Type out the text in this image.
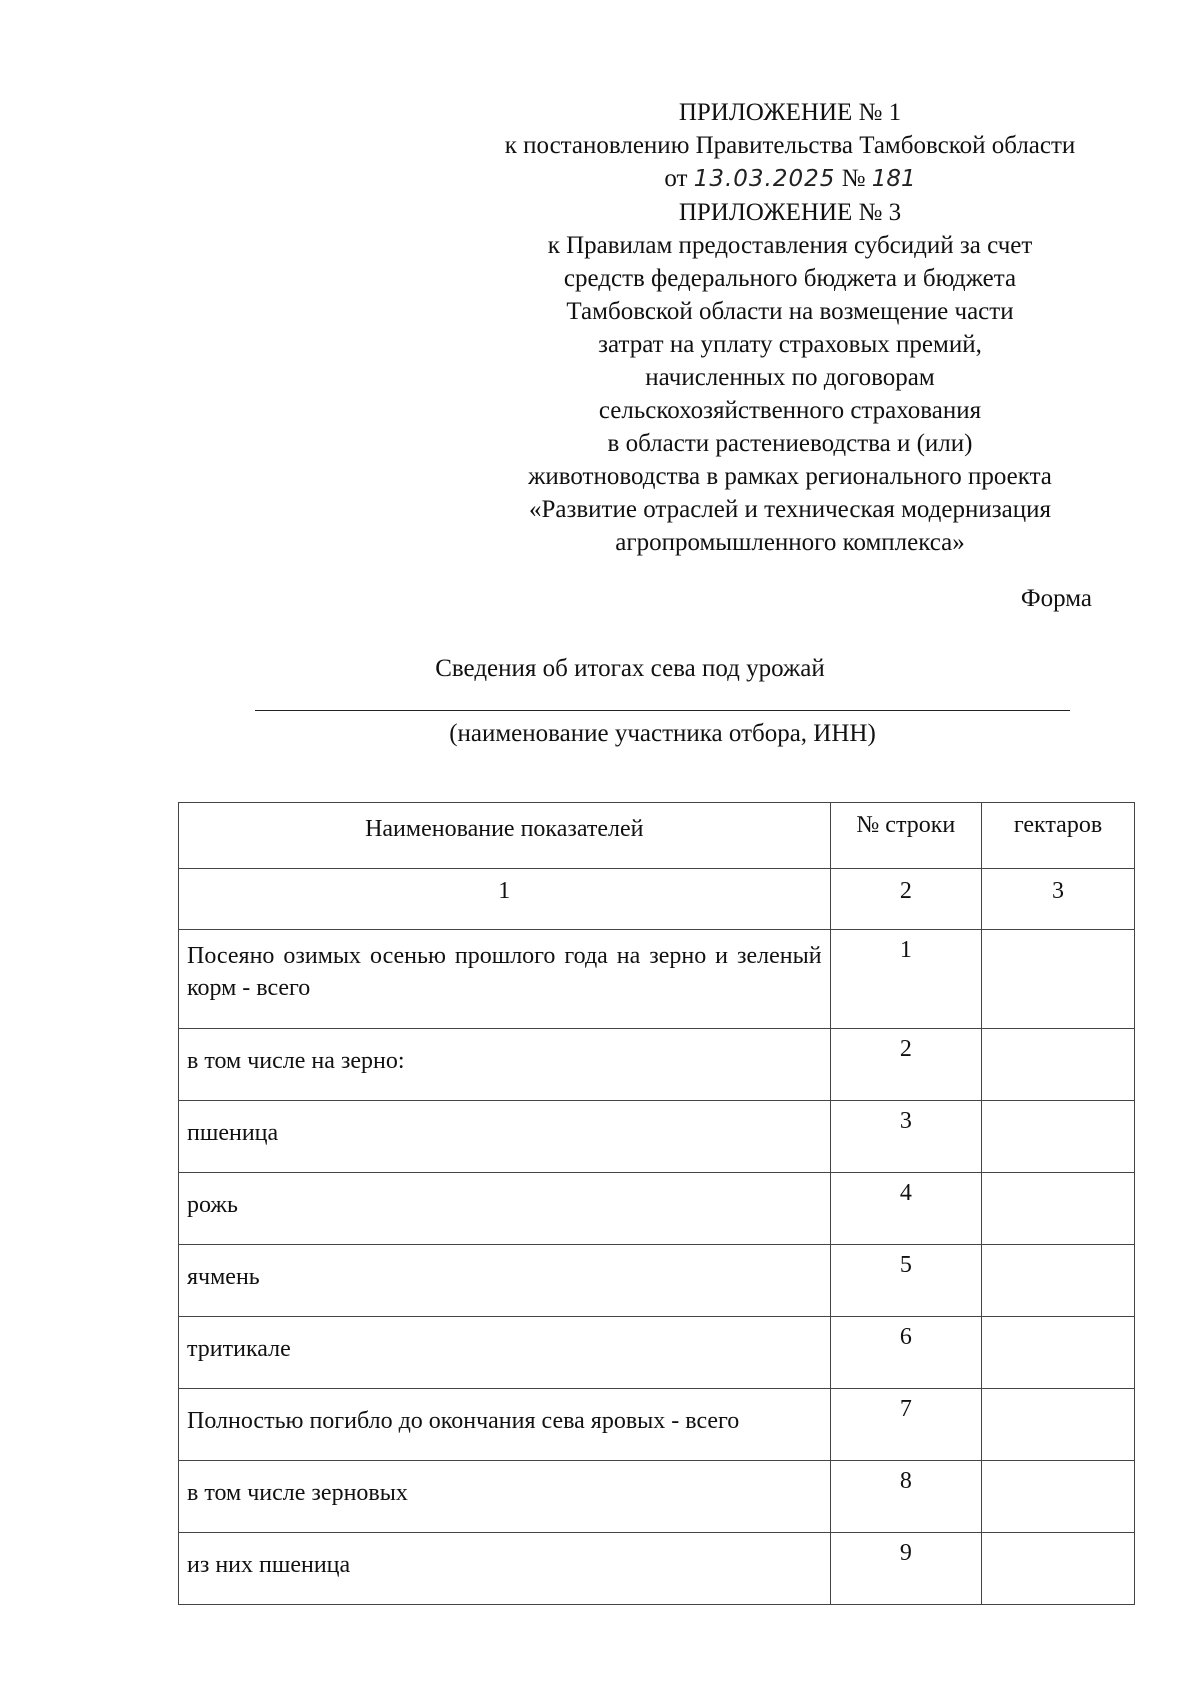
ПРИЛОЖЕНИЕ № 1
к постановлению Правительства Тамбовской области
от 13.03.2025 № 181
ПРИЛОЖЕНИЕ № 3
к Правилам предоставления субсидий за счет
средств федерального бюджета и бюджета
Тамбовской области на возмещение части
затрат на уплату страховых премий,
начисленных по договорам
сельскохозяйственного страхования
в области растениеводства и (или)
животноводства в рамках регионального проекта
«Развитие отраслей и техническая модернизация
агропромышленного комплекса»
Форма
Сведения об итогах сева под урожай
(наименование участника отбора, ИНН)
Наименование показателей	№ строки	гектаров
1	2	3
Посеяно озимых осенью прошлого года на зерно и зеленый корм - всего	1	
в том числе на зерно:	2	
пшеница	3	
рожь	4	
ячмень	5	
тритикале	6	
Полностью погибло до окончания сева яровых - всего	7	
в том числе зерновых	8	
из них пшеница	9	
